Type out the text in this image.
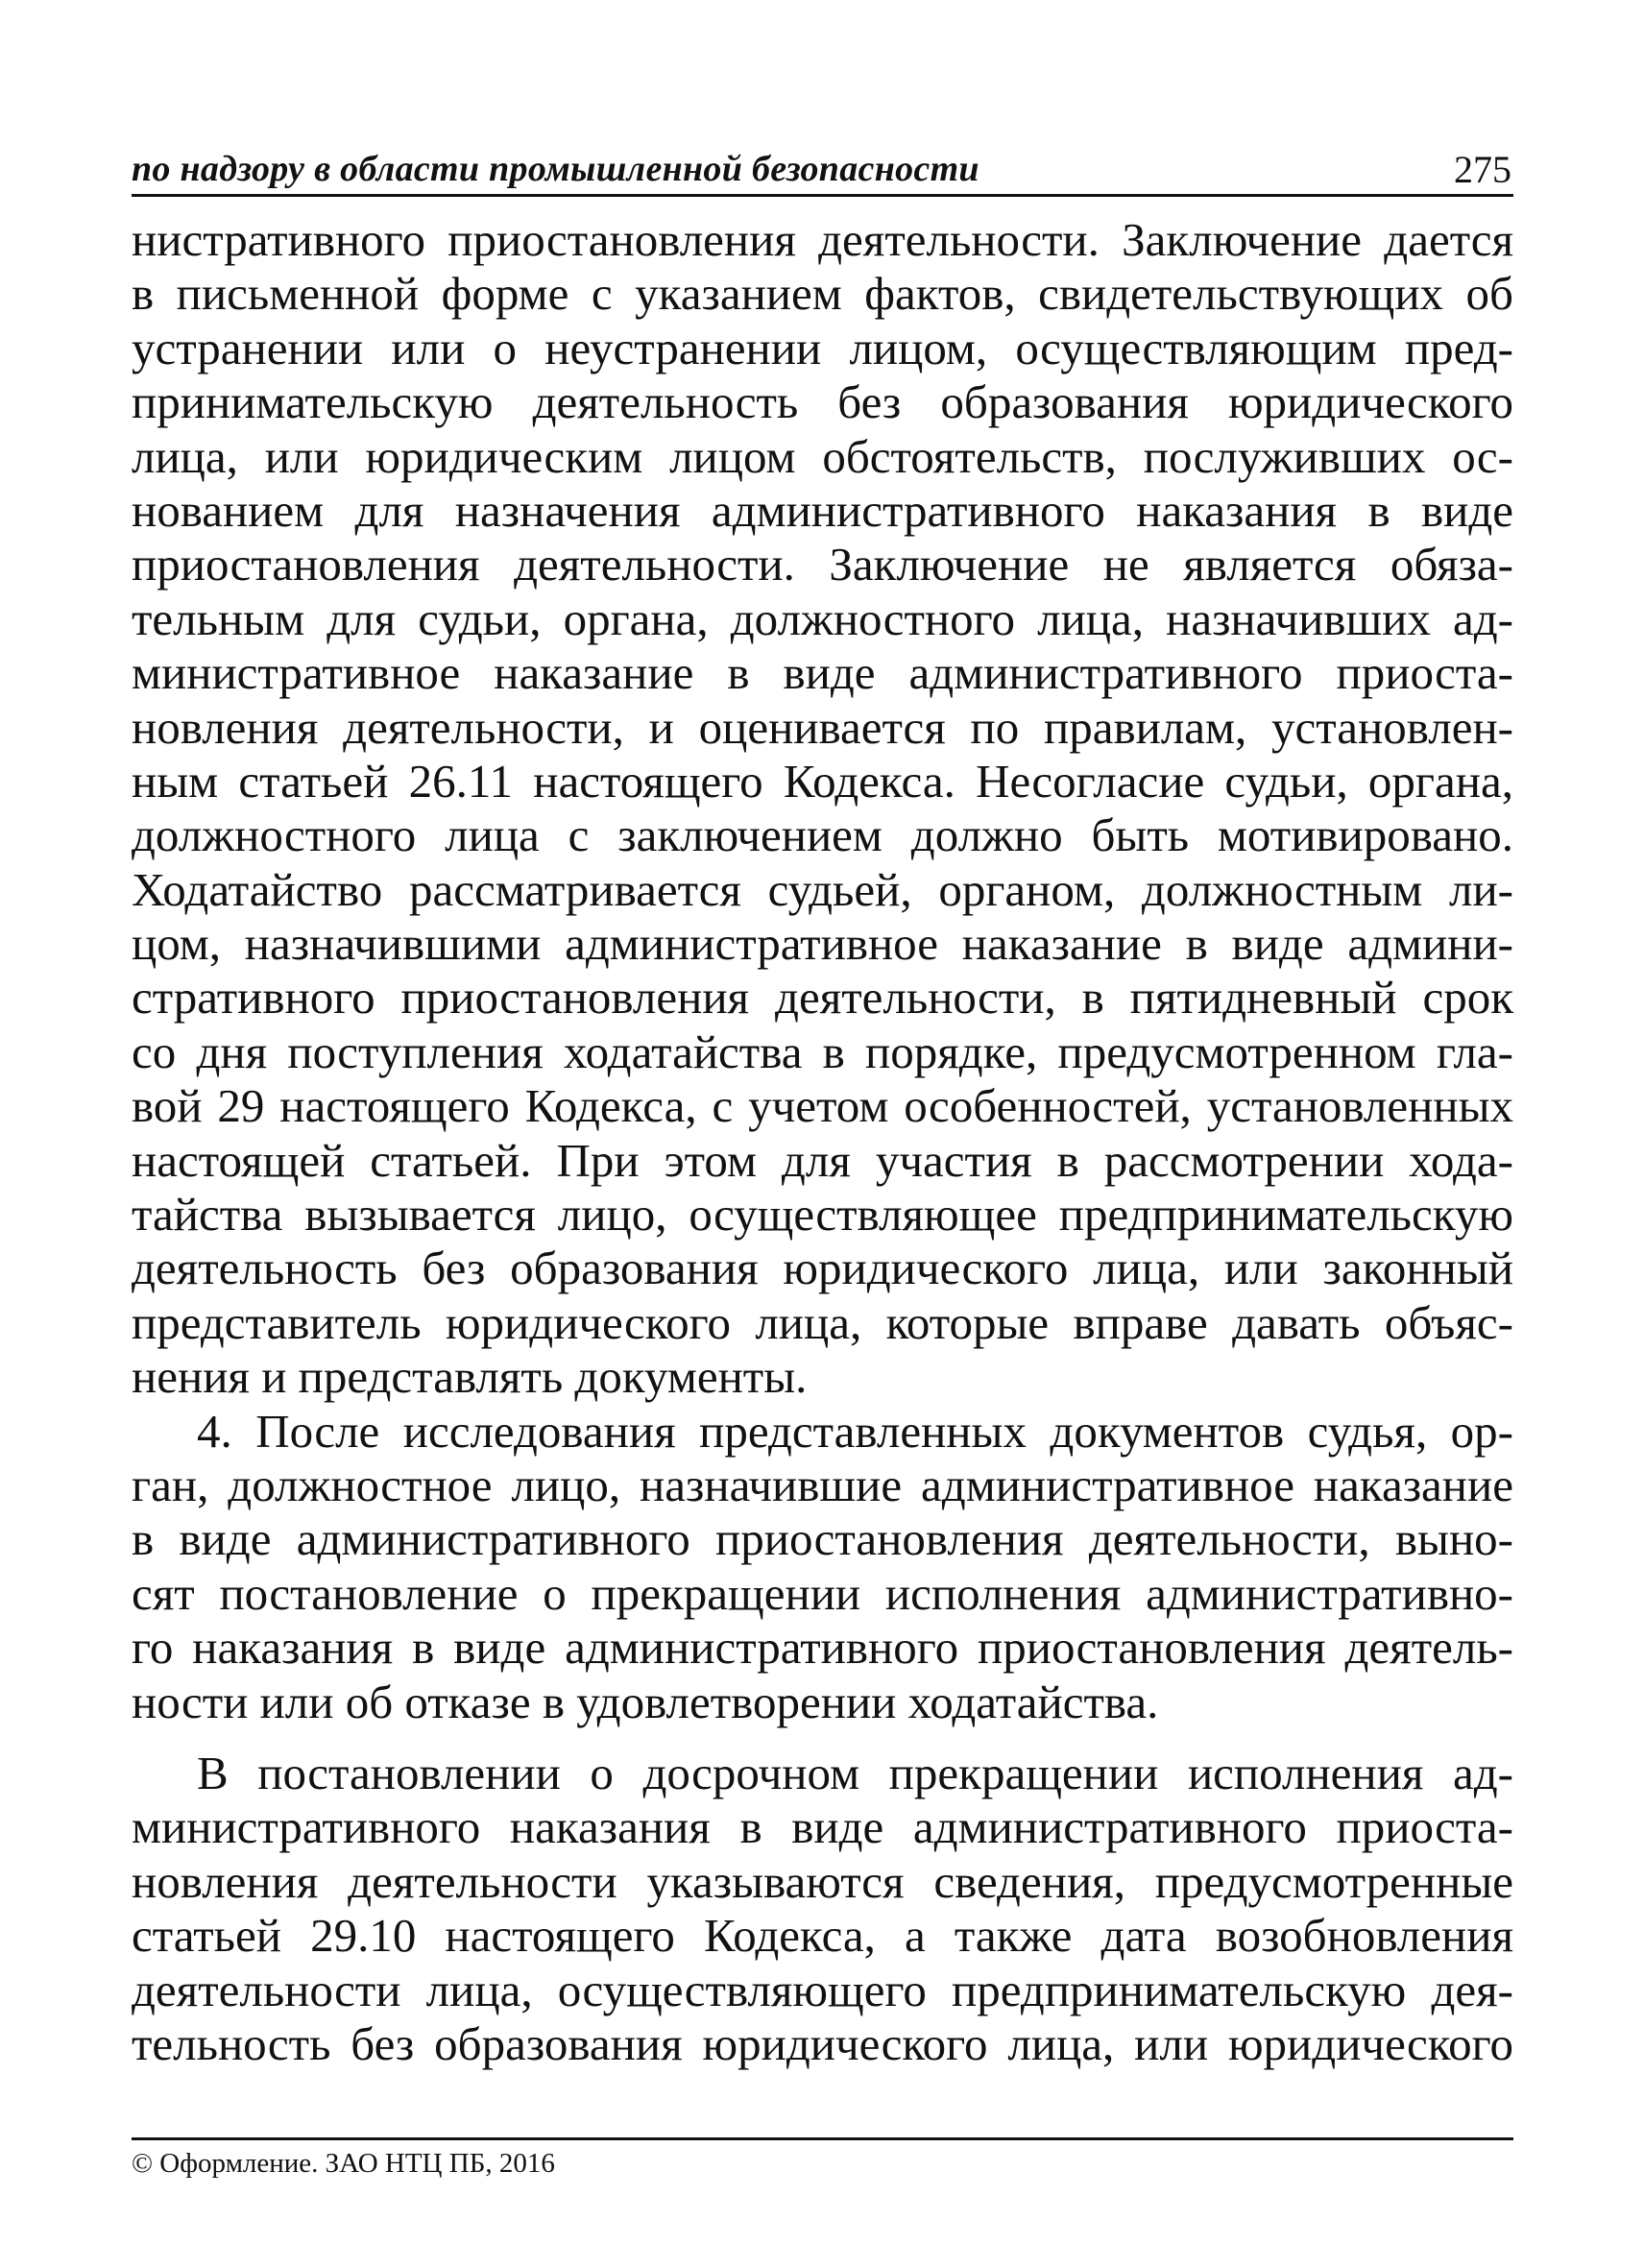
по надзору в области промышленной безопасности	275
нистративного приостановления деятельности. Заключение дается
в письменной форме с указанием фактов, свидетельствующих об
устранении или о неустранении лицом, осуществляющим пред-
принимательскую деятельность без образования юридического
лица, или юридическим лицом обстоятельств, послуживших ос-
нованием для назначения административного наказания в виде
приостановления деятельности. Заключение не является обяза-
тельным для судьи, органа, должностного лица, назначивших ад-
министративное наказание в виде административного приоста-
новления деятельности, и оценивается по правилам, установлен-
ным статьей 26.11 настоящего Кодекса. Несогласие судьи, органа,
должностного лица с заключением должно быть мотивировано.
Ходатайство рассматривается судьей, органом, должностным ли-
цом, назначившими административное наказание в виде админи-
стративного приостановления деятельности, в пятидневный срок
со дня поступления ходатайства в порядке, предусмотренном гла-
вой 29 настоящего Кодекса, с учетом особенностей, установленных
настоящей статьей. При этом для участия в рассмотрении хода-
тайства вызывается лицо, осуществляющее предпринимательскую
деятельность без образования юридического лица, или законный
представитель юридического лица, которые вправе давать объяс-
нения и представлять документы.
4. После исследования представленных документов судья, ор-
ган, должностное лицо, назначившие административное наказание
в виде административного приостановления деятельности, выно-
сят постановление о прекращении исполнения административно-
го наказания в виде административного приостановления деятель-
ности или об отказе в удовлетворении ходатайства.
В постановлении о досрочном прекращении исполнения ад-
министративного наказания в виде административного приоста-
новления деятельности указываются сведения, предусмотренные
статьей 29.10 настоящего Кодекса, а также дата возобновления
деятельности лица, осуществляющего предпринимательскую дея-
тельность без образования юридического лица, или юридического
© Оформление. ЗАО НТЦ ПБ, 2016
